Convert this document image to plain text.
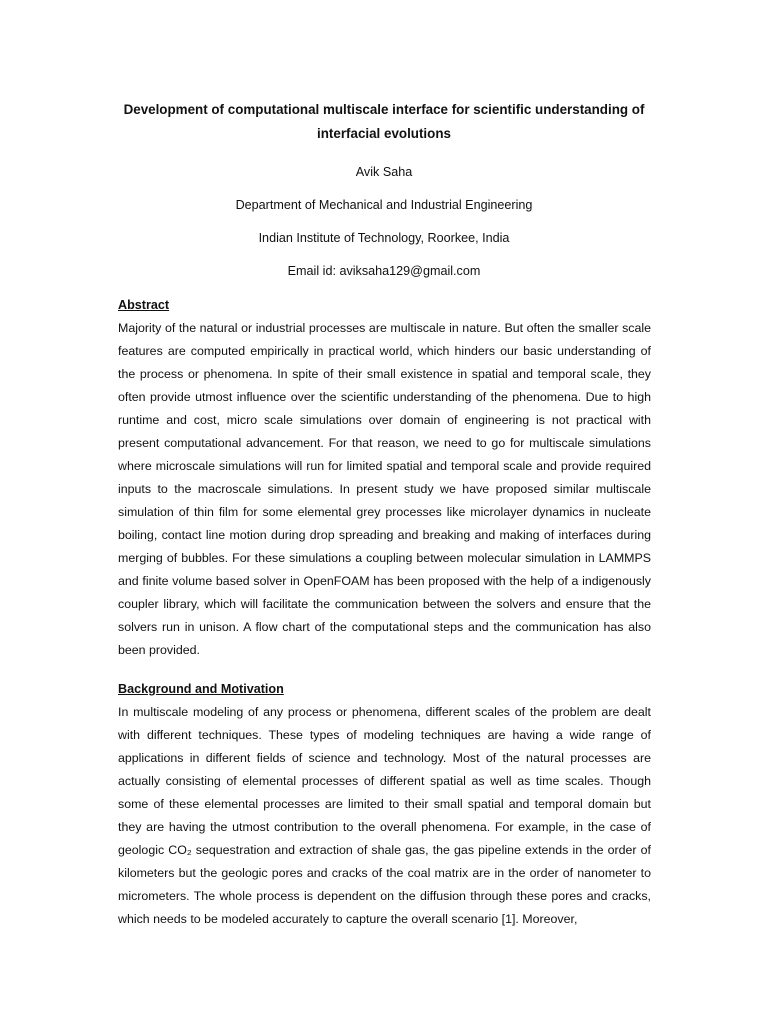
Development of computational multiscale interface for scientific understanding of interfacial evolutions

Avik Saha

Department of Mechanical and Industrial Engineering

Indian Institute of Technology, Roorkee, India

Email id: aviksaha129@gmail.com

Abstract

Majority of the natural or industrial processes are multiscale in nature. But often the smaller scale features are computed empirically in practical world, which hinders our basic understanding of the process or phenomena. In spite of their small existence in spatial and temporal scale, they often provide utmost influence over the scientific understanding of the phenomena. Due to high runtime and cost, micro scale simulations over domain of engineering is not practical with present computational advancement. For that reason, we need to go for multiscale simulations where microscale simulations will run for limited spatial and temporal scale and provide required inputs to the macroscale simulations. In present study we have proposed similar multiscale simulation of thin film for some elemental grey processes like microlayer dynamics in nucleate boiling, contact line motion during drop spreading and breaking and making of interfaces during merging of bubbles. For these simulations a coupling between molecular simulation in LAMMPS and finite volume based solver in OpenFOAM has been proposed with the help of a indigenously coupler library, which will facilitate the communication between the solvers and ensure that the solvers run in unison. A flow chart of the computational steps and the communication has also been provided.

Background and Motivation

In multiscale modeling of any process or phenomena, different scales of the problem are dealt with different techniques. These types of modeling techniques are having a wide range of applications in different fields of science and technology. Most of the natural processes are actually consisting of elemental processes of different spatial as well as time scales. Though some of these elemental processes are limited to their small spatial and temporal domain but they are having the utmost contribution to the overall phenomena. For example, in the case of geologic CO₂ sequestration and extraction of shale gas, the gas pipeline extends in the order of kilometers but the geologic pores and cracks of the coal matrix are in the order of nanometer to micrometers. The whole process is dependent on the diffusion through these pores and cracks, which needs to be modeled accurately to capture the overall scenario [1]. Moreover,
